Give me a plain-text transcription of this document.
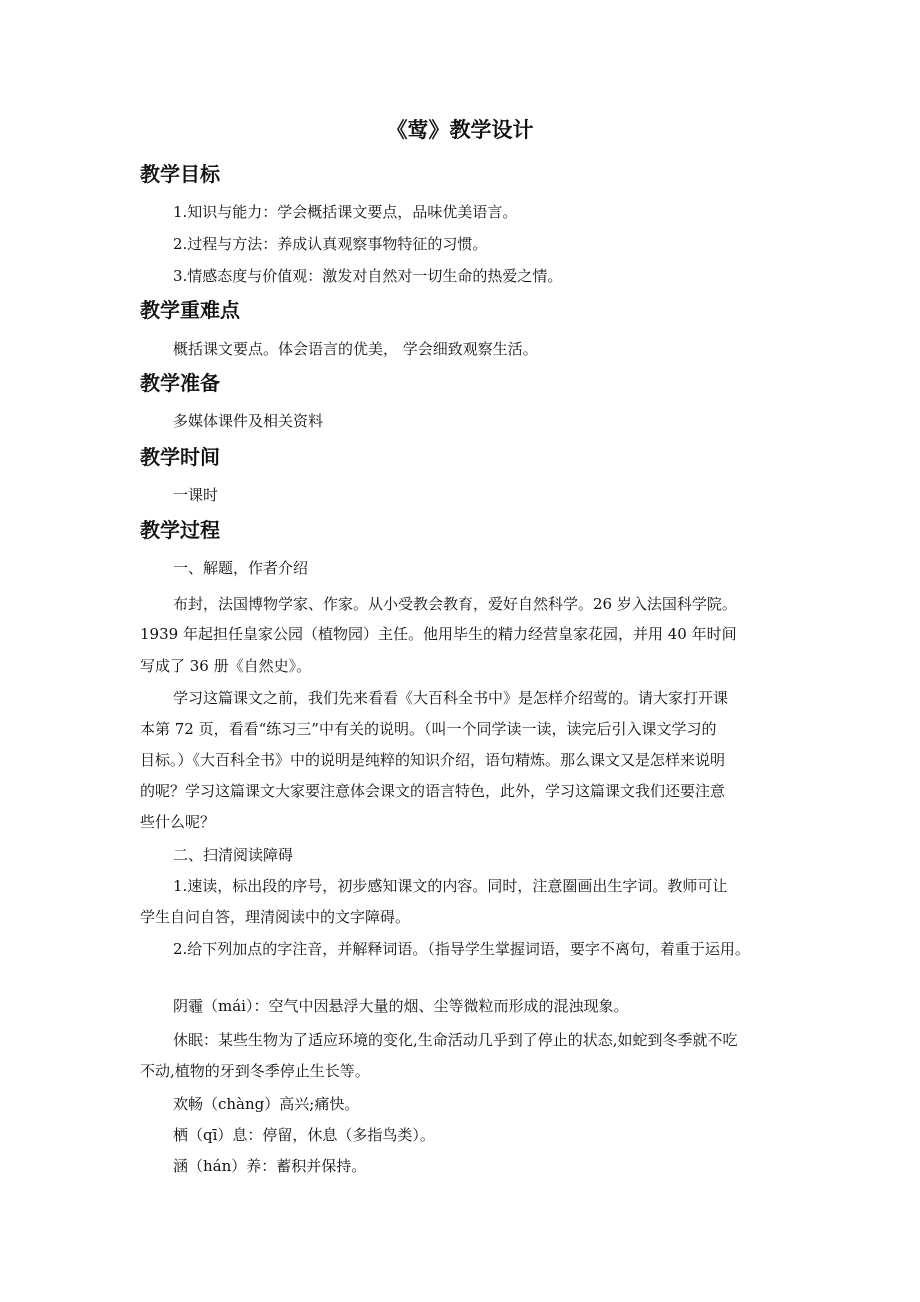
《莺》教学设计
教学目标
1.知识与能力：学会概括课文要点，品味优美语言。
2.过程与方法：养成认真观察事物特征的习惯。
3.情感态度与价值观：激发对自然对一切生命的热爱之情。
教学重难点
概括课文要点。体会语言的优美， 学会细致观察生活。
教学准备
多媒体课件及相关资料
教学时间
一课时
教学过程
一、解题，作者介绍
布封，法国博物学家、作家。从小受教会教育，爱好自然科学。26 岁入法国科学院。
1939 年起担任皇家公园（植物园）主任。他用毕生的精力经营皇家花园，并用 40 年时间
写成了 36 册《自然史》。
学习这篇课文之前，我们先来看看《大百科全书中》是怎样介绍莺的。请大家打开课
本第 72 页，看看“练习三”中有关的说明。（叫一个同学读一读，读完后引入课文学习的
目标。）《大百科全书》中的说明是纯粹的知识介绍，语句精炼。那么课文又是怎样来说明
的呢？学习这篇课文大家要注意体会课文的语言特色，此外，学习这篇课文我们还要注意
些什么呢？
二、扫清阅读障碍
1.速读，标出段的序号，初步感知课文的内容。同时，注意圈画出生字词。教师可让
学生自问自答，理清阅读中的文字障碍。
2.给下列加点的字注音，并解释词语。（指导学生掌握词语，要字不离句，着重于运用。
阴霾（mái）：空气中因悬浮大量的烟、尘等微粒而形成的混浊现象。
休眠：某些生物为了适应环境的变化,生命活动几乎到了停止的状态,如蛇到冬季就不吃
不动,植物的牙到冬季停止生长等。
欢畅（chàng）高兴;痛快。
栖（qī）息：停留，休息（多指鸟类）。
涵（hán）养：蓄积并保持。
